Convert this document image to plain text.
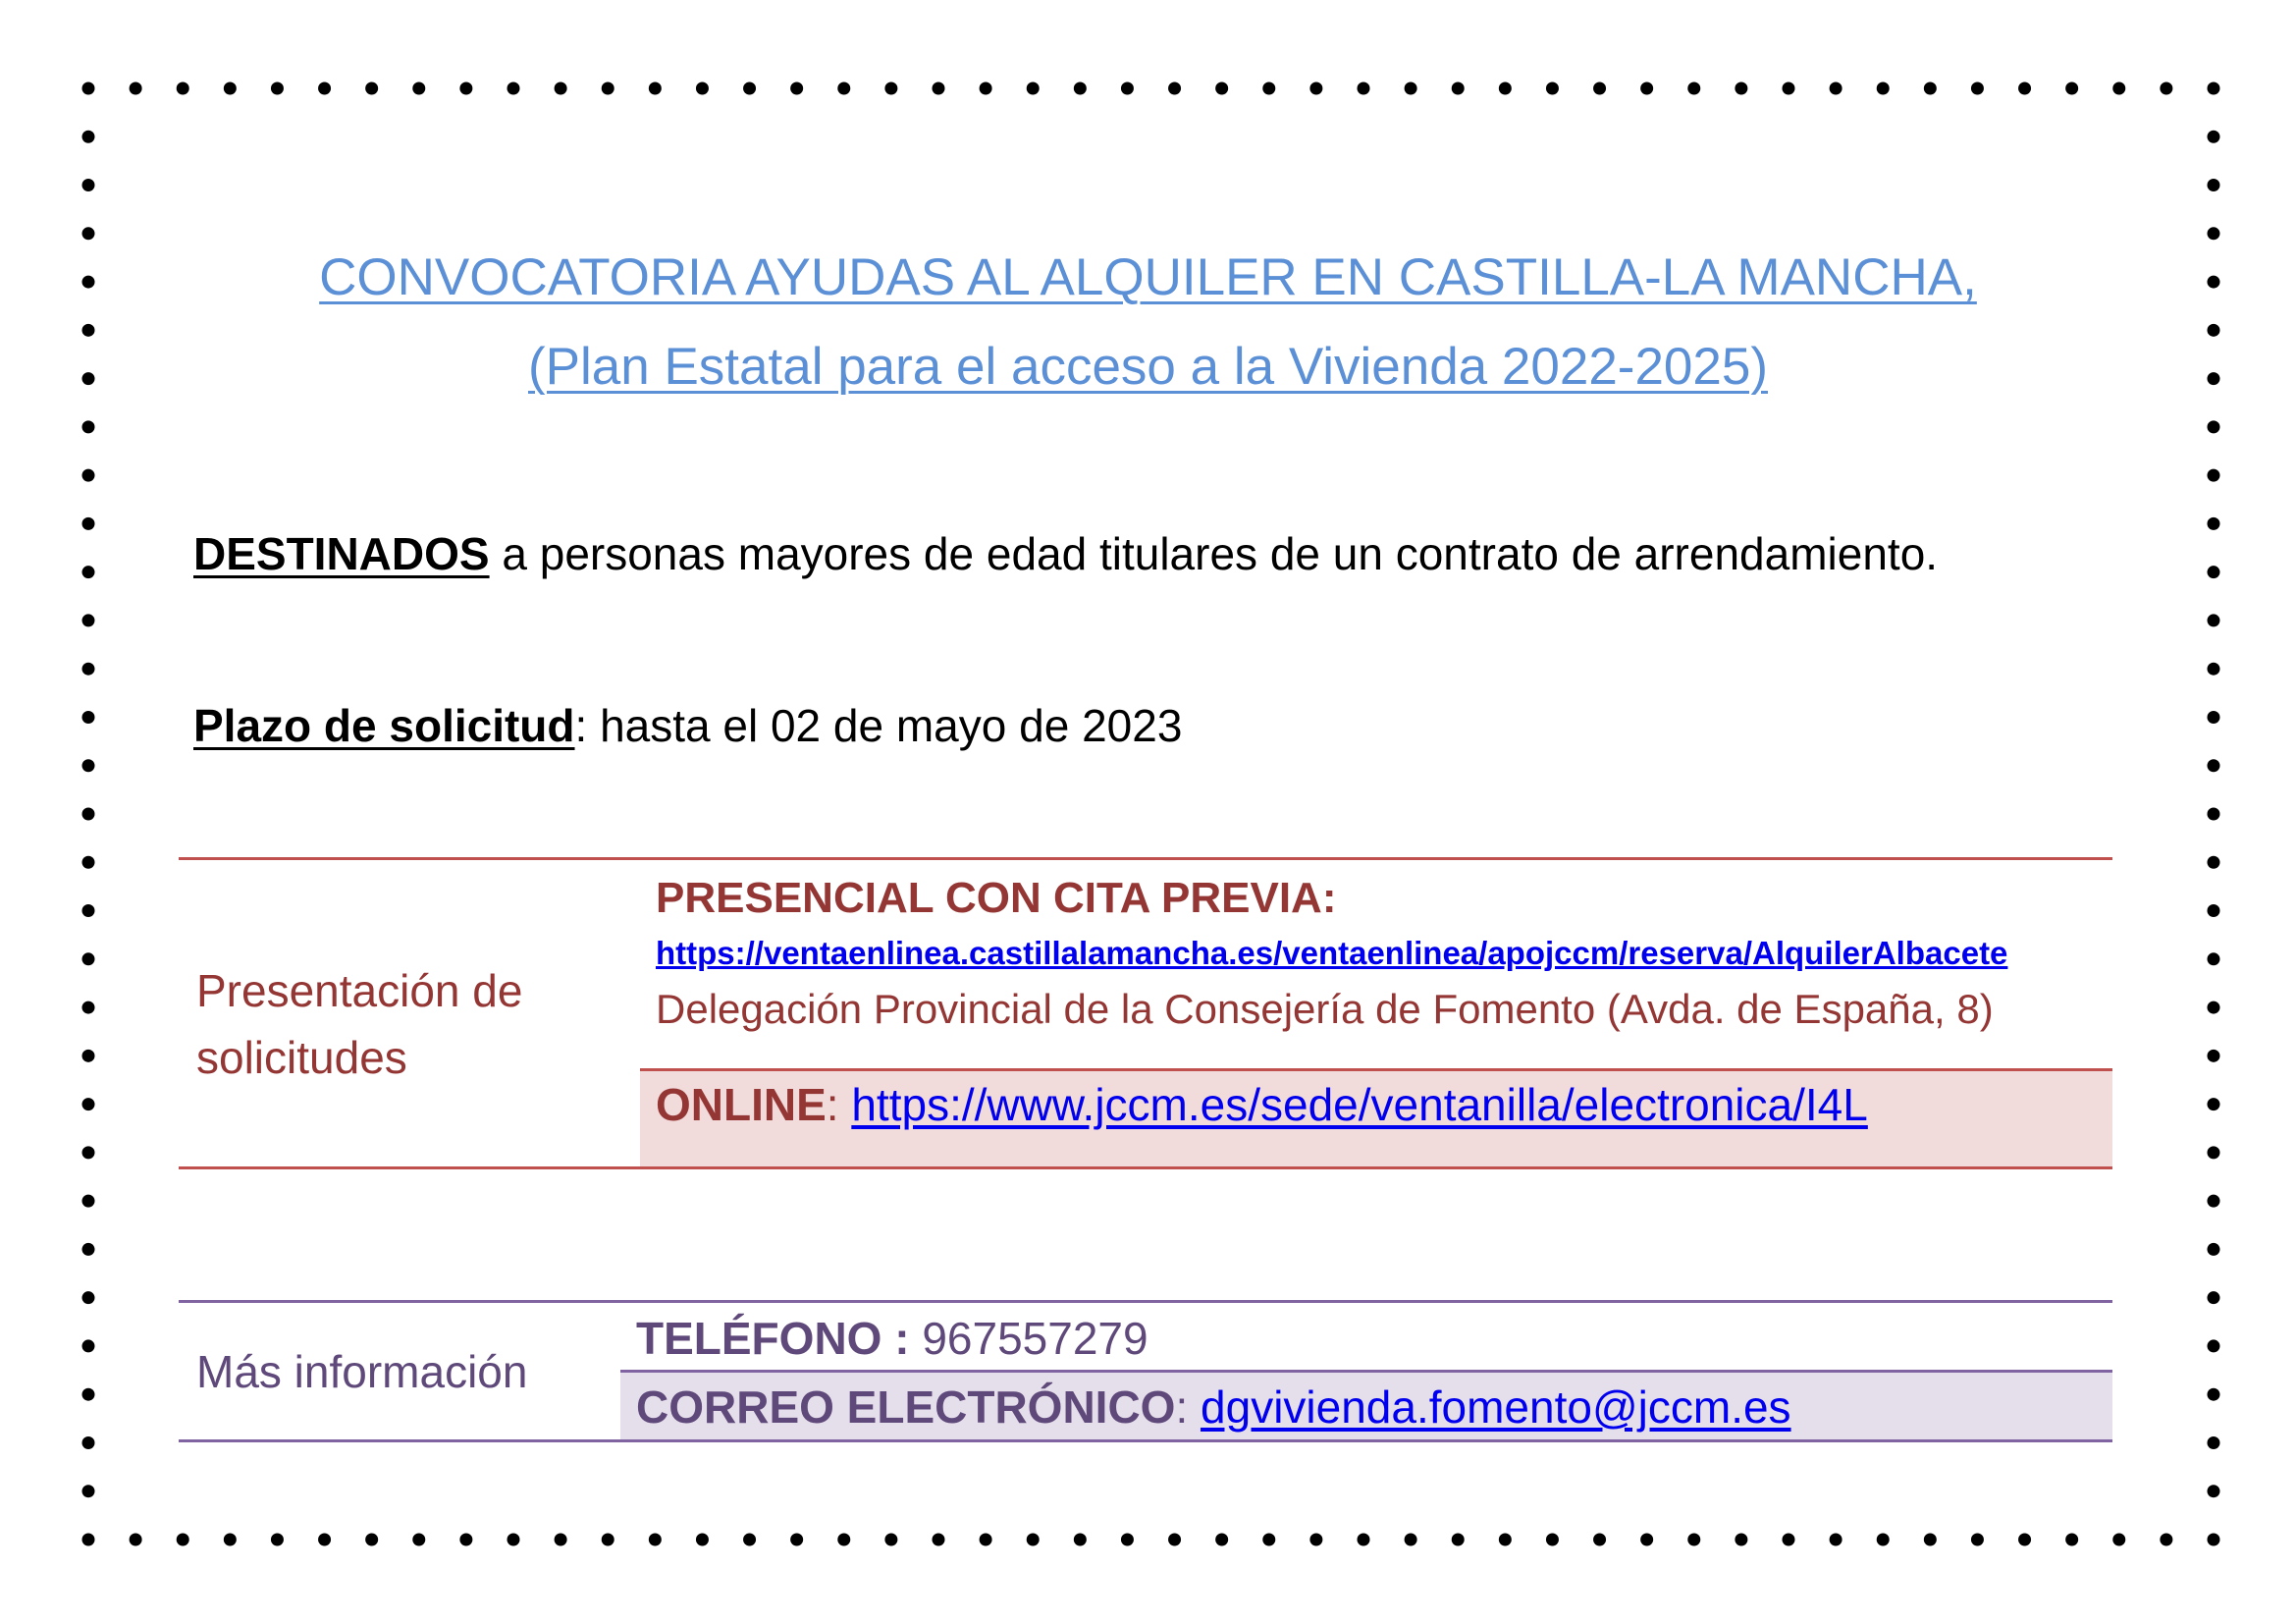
CONVOCATORIA AYUDAS AL ALQUILER EN CASTILLA-LA MANCHA,
(Plan Estatal para el acceso a la Vivienda 2022-2025)
DESTINADOS a personas mayores de edad titulares de un contrato de arrendamiento.
Plazo de solicitud: hasta el 02 de mayo de 2023
Presentación de
solicitudes
PRESENCIAL CON CITA PREVIA:
https://ventaenlinea.castillalamancha.es/ventaenlinea/apojccm/reserva/AlquilerAlbacete
Delegación Provincial de la Consejería de Fomento (Avda. de España, 8)
ONLINE: https://www.jccm.es/sede/ventanilla/electronica/I4L
Más información
TELÉFONO : 967557279
CORREO ELECTRÓNICO: dgvivienda.fomento@jccm.es
